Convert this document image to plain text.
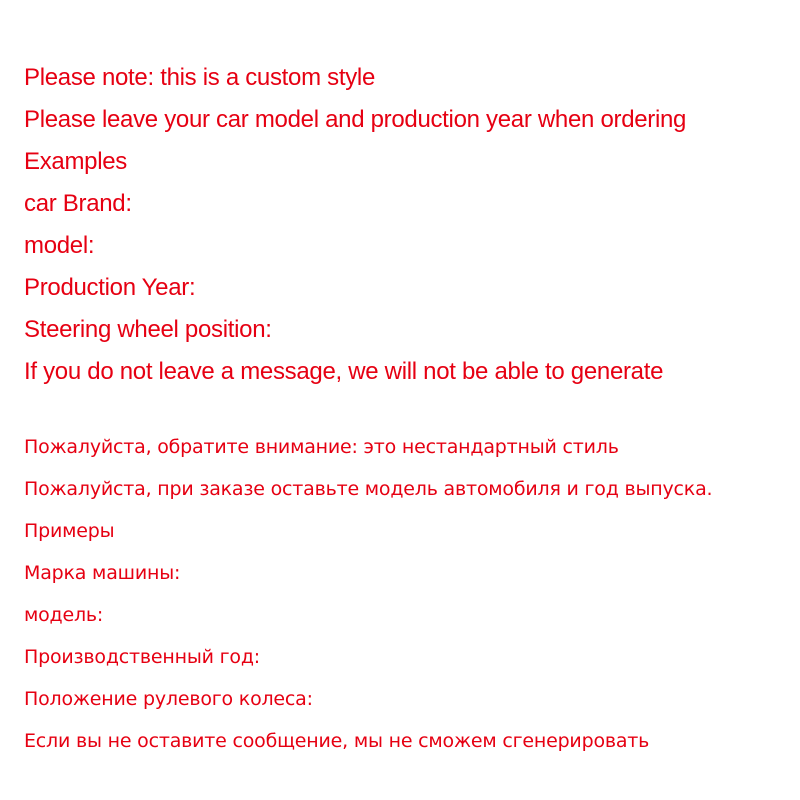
Please note: this is a custom style
Please leave your car model and production year when ordering
Examples
car Brand:
model:
Production Year:
Steering wheel position:
If you do not leave a message, we will not be able to generate
Пожалуйста, обратите внимание: это нестандартный стиль
Пожалуйста, при заказе оставьте модель автомобиля и год выпуска.
Примеры
Марка машины:
модель:
Производственный год:
Положение рулевого колеса:
Если вы не оставите сообщение, мы не сможем сгенерировать
